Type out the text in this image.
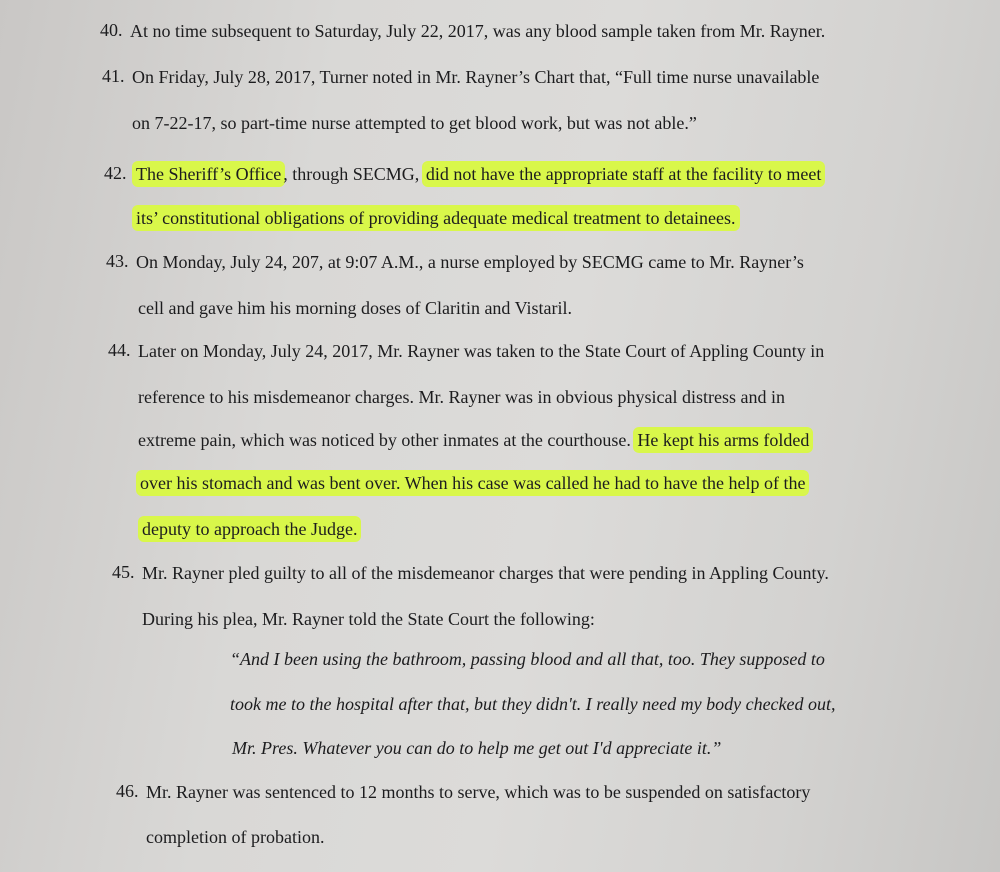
40. At no time subsequent to Saturday, July 22, 2017, was any blood sample taken from Mr. Rayner.
41. On Friday, July 28, 2017, Turner noted in Mr. Rayner’s Chart that, “Full time nurse unavailable
on 7-22-17, so part-time nurse attempted to get blood work, but was not able.”
42. The Sheriff’s Office , through SECMG, did not have the appropriate staff at the facility to meet
its’ constitutional obligations of providing adequate medical treatment to detainees.
43. On Monday, July 24, 207, at 9:07 A.M., a nurse employed by SECMG came to Mr. Rayner’s
cell and gave him his morning doses of Claritin and Vistaril.
44. Later on Monday, July 24, 2017, Mr. Rayner was taken to the State Court of Appling County in
reference to his misdemeanor charges. Mr. Rayner was in obvious physical distress and in
extreme pain, which was noticed by other inmates at the courthouse. He kept his arms folded
over his stomach and was bent over. When his case was called he had to have the help of the
deputy to approach the Judge.
45. Mr. Rayner pled guilty to all of the misdemeanor charges that were pending in Appling County.
During his plea, Mr. Rayner told the State Court the following:
“And I been using the bathroom, passing blood and all that, too. They supposed to
took me to the hospital after that, but they didn't. I really need my body checked out,
Mr. Pres. Whatever you can do to help me get out I'd appreciate it.”
46. Mr. Rayner was sentenced to 12 months to serve, which was to be suspended on satisfactory
completion of probation.
